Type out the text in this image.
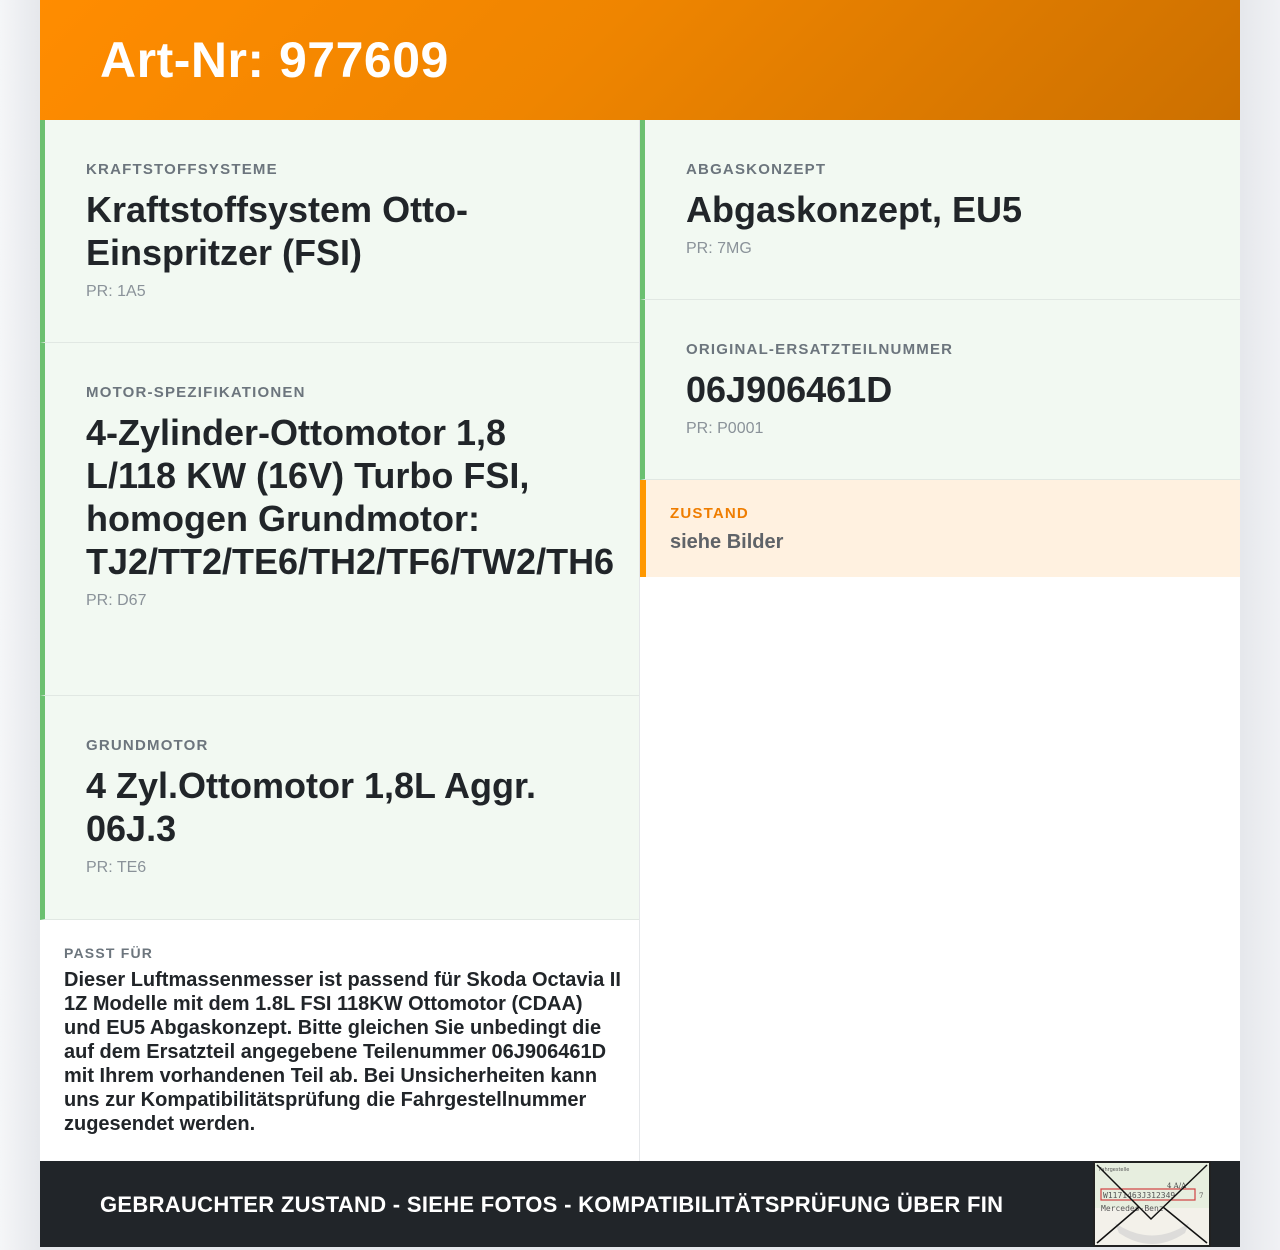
Art-Nr: 977609
KRAFTSTOFFSYSTEME
Kraftstoffsystem Otto-Einspritzer (FSI)
PR: 1A5
MOTOR-SPEZIFIKATIONEN
4-Zylinder-Ottomotor 1,8 L/118 KW (16V) Turbo FSI, homogen Grundmotor: TJ2/TT2/TE6/TH2/TF6/TW2/TH6
PR: D67
GRUNDMOTOR
4 Zyl.Ottomotor 1,8L Aggr. 06J.3
PR: TE6
PASST FÜR
Dieser Luftmassenmesser ist passend für Skoda Octavia II 1Z Modelle mit dem 1.8L FSI 118KW Ottomotor (CDAA) und EU5 Abgaskonzept. Bitte gleichen Sie unbedingt die auf dem Ersatzteil angegebene Teilenummer 06J906461D mit Ihrem vorhandenen Teil ab. Bei Unsicherheiten kann uns zur Kompatibilitätsprüfung die Fahrgestellnummer zugesendet werden.
ABGASKONZEPT
Abgaskonzept, EU5
PR: 7MG
ORIGINAL-ERSATZTEILNUMMER
06J906461D
PR: P0001
ZUSTAND
siehe Bilder
GEBRAUCHTER ZUSTAND - SIEHE FOTOS - KOMPATIBILITÄTSPRÜFUNG ÜBER FIN
Fahrgestelle
4 A/A
W1171463J312349	7
Mercedes-Benz
